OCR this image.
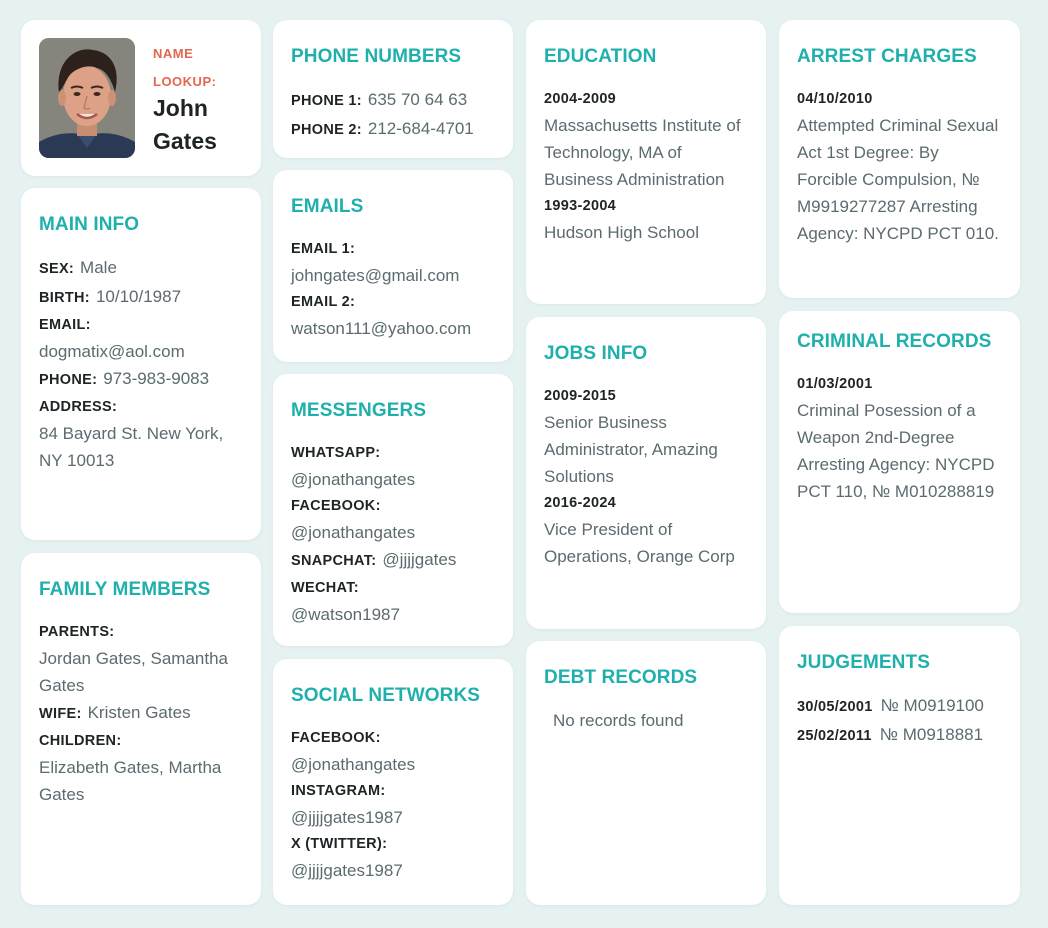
NAME LOOKUP:
John Gates
MAIN INFO
SEX: Male
BIRTH: 10/10/1987
EMAIL:
dogmatix@aol.com
PHONE: 973-983-9083
ADDRESS:
84 Bayard St. New York, NY 10013
FAMILY MEMBERS
PARENTS:
Jordan Gates, Samantha Gates
WIFE: Kristen Gates
CHILDREN:
Elizabeth Gates, Martha Gates
PHONE NUMBERS
PHONE 1: 635 70 64 63
PHONE 2: 212-684-4701
EMAILS
EMAIL 1:
johngates@gmail.com
EMAIL 2:
watson111@yahoo.com
MESSENGERS
WHATSAPP:
@jonathangates
FACEBOOK:
@jonathangates
SNAPCHAT: @jjjjgates
WECHAT:
@watson1987
SOCIAL NETWORKS
FACEBOOK:
@jonathangates
INSTAGRAM:
@jjjjgates1987
X (TWITTER):
@jjjjgates1987
EDUCATION
2004-2009
Massachusetts Institute of Technology, MA of Business Administration
1993-2004
Hudson High School
JOBS INFO
2009-2015
Senior Business Administrator, Amazing Solutions
2016-2024
Vice President of Operations, Orange Corp
DEBT RECORDS
No records found
ARREST CHARGES
04/10/2010
Attempted Criminal Sexual Act 1st Degree: By Forcible Compulsion, № M9919277287 Arresting Agency: NYCPD PCT 010.
CRIMINAL RECORDS
01/03/2001
Criminal Posession of a Weapon 2nd-Degree Arresting Agency: NYCPD PCT 110, № M010288819
JUDGEMENTS
30/05/2001 № M0919100
25/02/2011 № M0918881
